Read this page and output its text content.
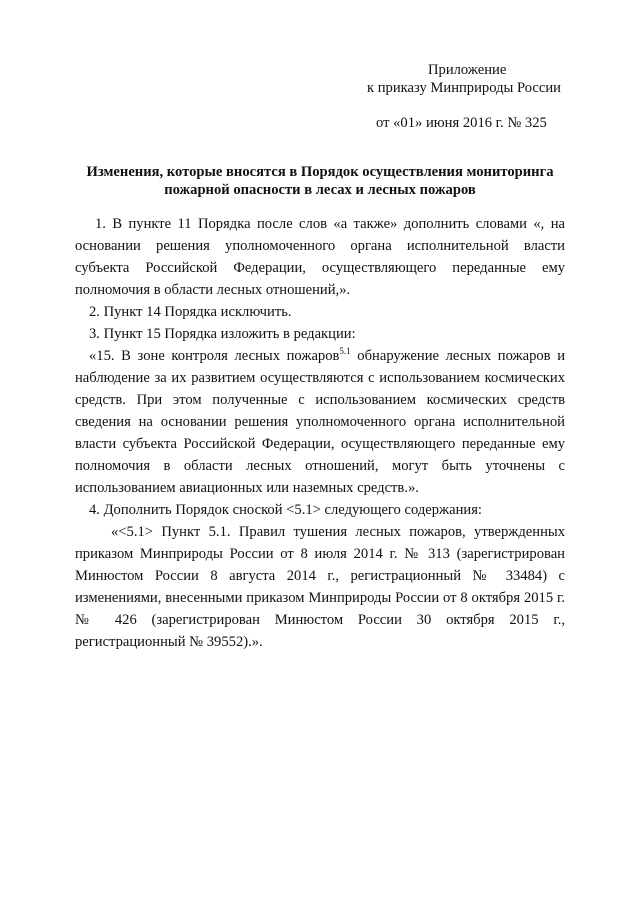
Приложение
к приказу Минприроды России
от «01» июня 2016 г. № 325
Изменения, которые вносятся в Порядок осуществления мониторинга
пожарной опасности в лесах и лесных пожаров

1. В пункте 11 Порядка после слов «а также» дополнить словами «, на основании решения уполномоченного органа исполнительной власти субъекта Российской Федерации, осуществляющего переданные ему полномочия в области лесных отношений,».

2. Пункт 14 Порядка исключить.

3. Пункт 15 Порядка изложить в редакции:

«15. В зоне контроля лесных пожаров$^{5.1}$ обнаружение лесных пожаров и наблюдение за их развитием осуществляются с использованием космических средств. При этом полученные с использованием космических средств сведения на основании решения уполномоченного органа исполнительной власти субъекта Российской Федерации, осуществляющего переданные ему полномочия в области лесных отношений, могут быть уточнены с использованием авиационных или наземных средств.».

4. Дополнить Порядок сноской <5.1> следующего содержания:

«<5.1> Пункт 5.1. Правил тушения лесных пожаров, утвержденных приказом Минприроды России от 8 июля 2014 г. № 313 (зарегистрирован Минюстом России 8 августа 2014 г., регистрационный № 33484) с изменениями, внесенными приказом Минприроды России от 8 октября 2015 г. № 426 (зарегистрирован Минюстом России 30 октября 2015 г., регистрационный № 39552).».
